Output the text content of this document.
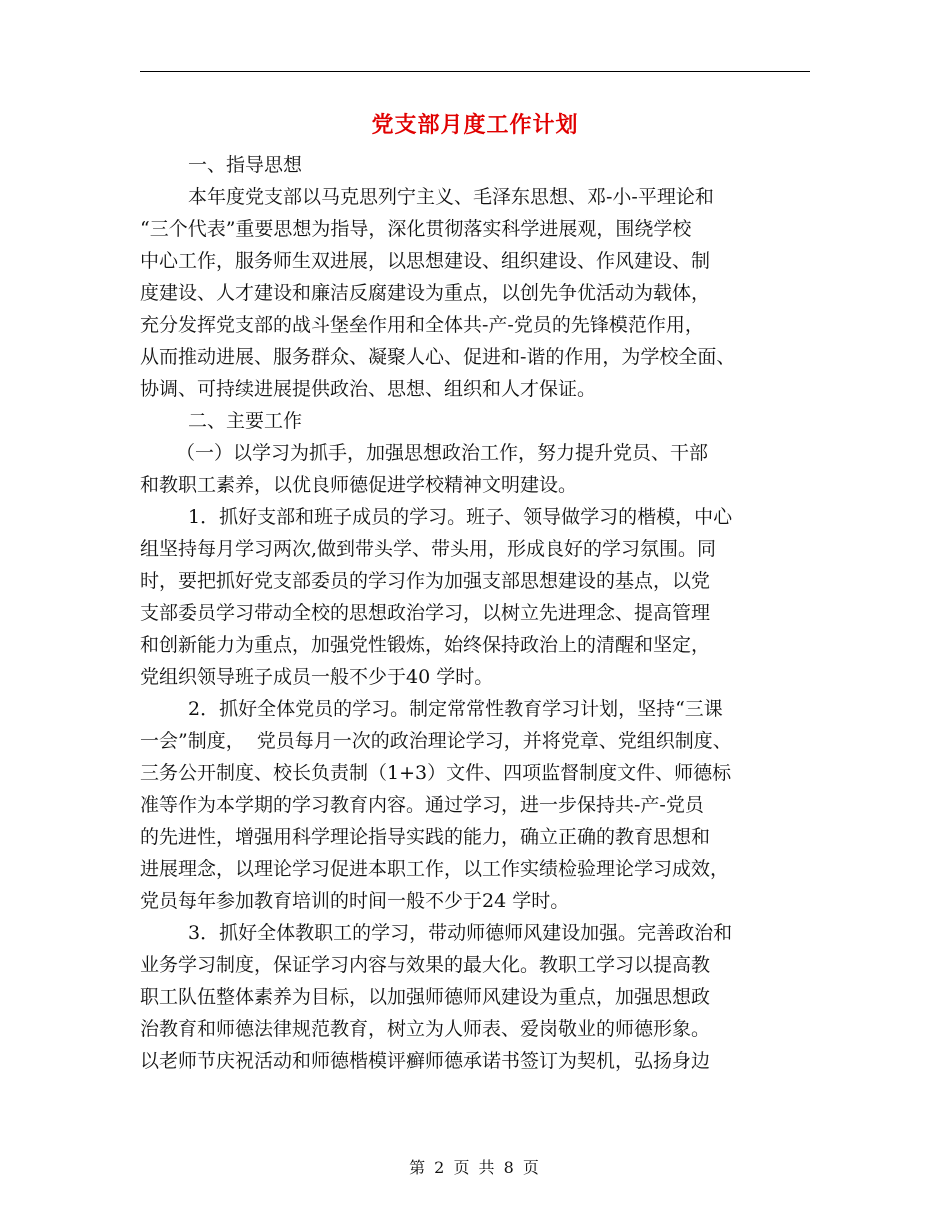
党支部月度工作计划
一、指导思想
本年度党支部以马克思列宁主义、毛泽东思想、邓-小-平理论和
“三个代表”重要思想为指导，深化贯彻落实科学进展观，围绕学校
中心工作，服务师生双进展，以思想建设、组织建设、作风建设、制
度建设、人才建设和廉洁反腐建设为重点，以创先争优活动为载体，
充分发挥党支部的战斗堡垒作用和全体共-产-党员的先锋模范作用，
从而推动进展、服务群众、凝聚人心、促进和-谐的作用，为学校全面、
协调、可持续进展提供政治、思想、组织和人才保证。
二、主要工作
（一）以学习为抓手，加强思想政治工作，努力提升党员、干部
和教职工素养，以优良师德促进学校精神文明建设。
1．抓好支部和班子成员的学习。班子、领导做学习的楷模，中心
组坚持每月学习两次,做到带头学、带头用，形成良好的学习氛围。同
时，要把抓好党支部委员的学习作为加强支部思想建设的基点，以党
支部委员学习带动全校的思想政治学习，以树立先进理念、提高管理
和创新能力为重点，加强党性锻炼，始终保持政治上的清醒和坚定，
党组织领导班子成员一般不少于40 学时。
2．抓好全体党员的学习。制定常常性教育学习计划，坚持“三课
一会”制度，  党员每月一次的政治理论学习，并将党章、党组织制度、
三务公开制度、校长负责制（1+3）文件、四项监督制度文件、师德标
准等作为本学期的学习教育内容。通过学习，进一步保持共-产-党员
的先进性，增强用科学理论指导实践的能力，确立正确的教育思想和
进展理念，以理论学习促进本职工作，以工作实绩检验理论学习成效，
党员每年参加教育培训的时间一般不少于24 学时。
3．抓好全体教职工的学习，带动师德师风建设加强。完善政治和
业务学习制度，保证学习内容与效果的最大化。教职工学习以提高教
职工队伍整体素养为目标，以加强师德师风建设为重点，加强思想政
治教育和师德法律规范教育，树立为人师表、爱岗敬业的师德形象。
以老师节庆祝活动和师德楷模评癣师德承诺书签订为契机，弘扬身边
第 2 页 共 8 页
